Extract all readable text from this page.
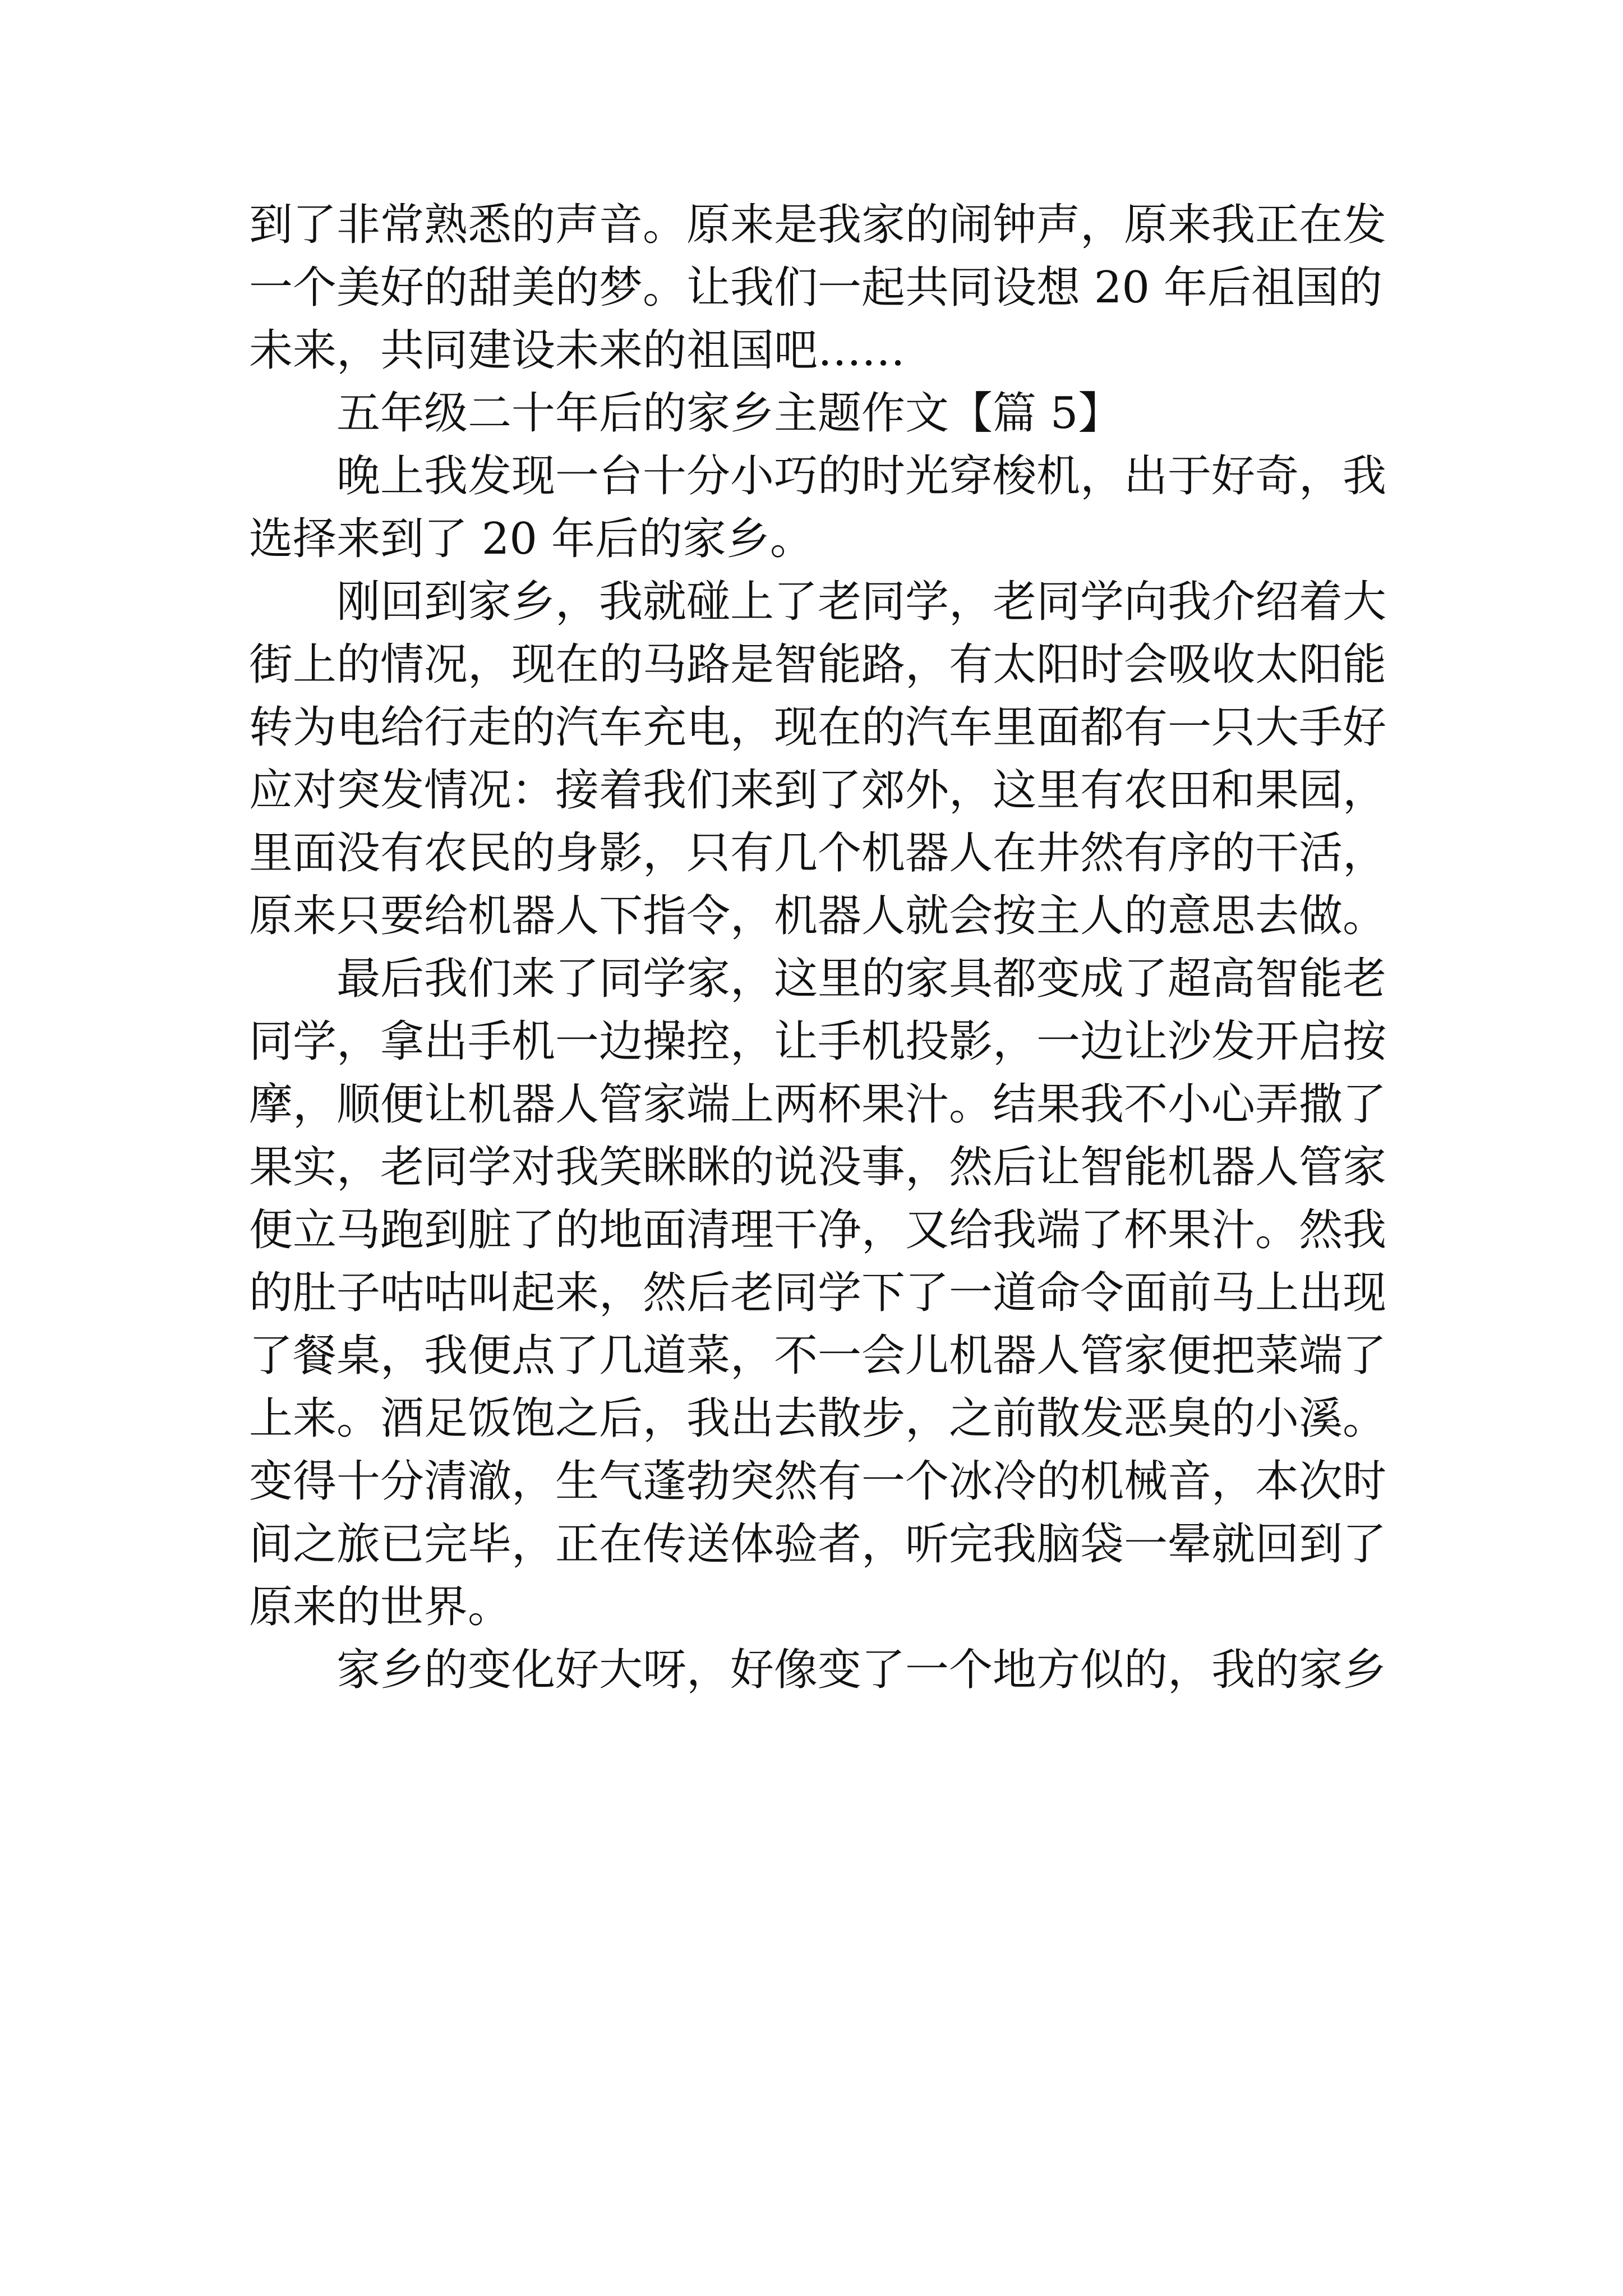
到了非常熟悉的声音。原来是我家的闹钟声，原来我正在发
一个美好的甜美的梦。让我们一起共同设想 20 年后祖国的
未来，共同建设未来的祖国吧……
五年级二十年后的家乡主题作文【篇 5】
晚上我发现一台十分小巧的时光穿梭机，出于好奇，我
选择来到了 20 年后的家乡。
刚回到家乡，我就碰上了老同学，老同学向我介绍着大
街上的情况，现在的马路是智能路，有太阳时会吸收太阳能
转为电给行走的汽车充电，现在的汽车里面都有一只大手好
应对突发情况：接着我们来到了郊外，这里有农田和果园，
里面没有农民的身影，只有几个机器人在井然有序的干活，
原来只要给机器人下指令，机器人就会按主人的意思去做。
最后我们来了同学家，这里的家具都变成了超高智能老
同学，拿出手机一边操控，让手机投影，一边让沙发开启按
摩，顺便让机器人管家端上两杯果汁。结果我不小心弄撒了
果实，老同学对我笑眯眯的说没事，然后让智能机器人管家
便立马跑到脏了的地面清理干净，又给我端了杯果汁。然我
的肚子咕咕叫起来，然后老同学下了一道命令面前马上出现
了餐桌，我便点了几道菜，不一会儿机器人管家便把菜端了
上来。酒足饭饱之后，我出去散步，之前散发恶臭的小溪。
变得十分清澈，生气蓬勃突然有一个冰冷的机械音，本次时
间之旅已完毕，正在传送体验者，听完我脑袋一晕就回到了
原来的世界。
家乡的变化好大呀，好像变了一个地方似的，我的家乡
